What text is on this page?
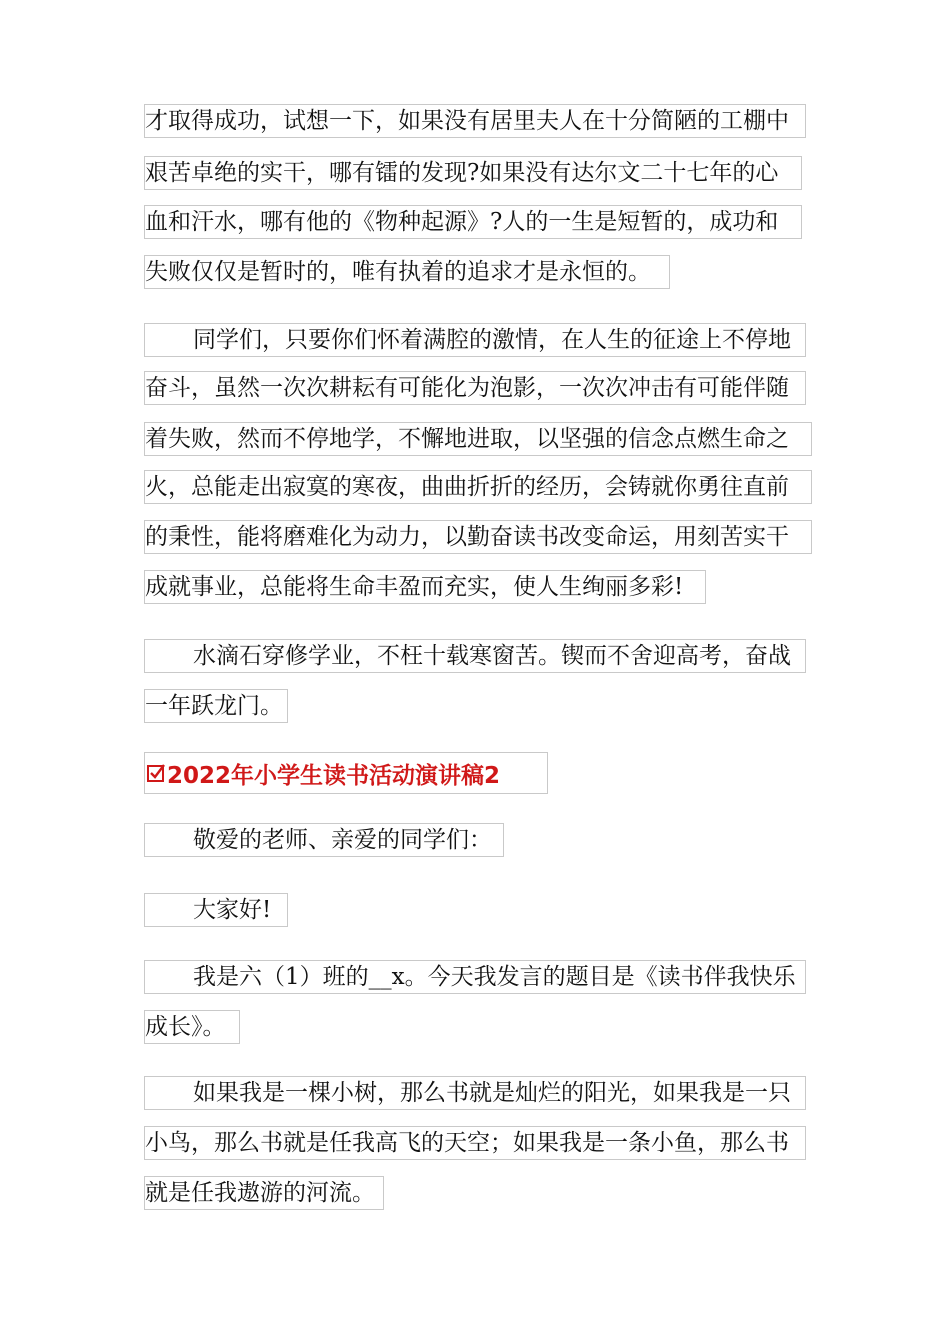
才取得成功，试想一下，如果没有居里夫人在十分简陋的工棚中
艰苦卓绝的实干，哪有镭的发现?如果没有达尔文二十七年的心
血和汗水，哪有他的《物种起源》?人的一生是短暂的，成功和
失败仅仅是暂时的，唯有执着的追求才是永恒的。
同学们，只要你们怀着满腔的激情，在人生的征途上不停地
奋斗，虽然一次次耕耘有可能化为泡影，一次次冲击有可能伴随
着失败，然而不停地学，不懈地进取，以坚强的信念点燃生命之
火，总能走出寂寞的寒夜，曲曲折折的经历，会铸就你勇往直前
的秉性，能将磨难化为动力，以勤奋读书改变命运，用刻苦实干
成就事业，总能将生命丰盈而充实，使人生绚丽多彩!
水滴石穿修学业，不枉十载寒窗苦。锲而不舍迎高考，奋战
一年跃龙门。
2022年小学生读书活动演讲稿2
敬爱的老师、亲爱的同学们：
大家好!
我是六（1）班的__x。今天我发言的题目是《读书伴我快乐
成长》。
如果我是一棵小树，那么书就是灿烂的阳光，如果我是一只
小鸟，那么书就是任我高飞的天空；如果我是一条小鱼，那么书
就是任我遨游的河流。
